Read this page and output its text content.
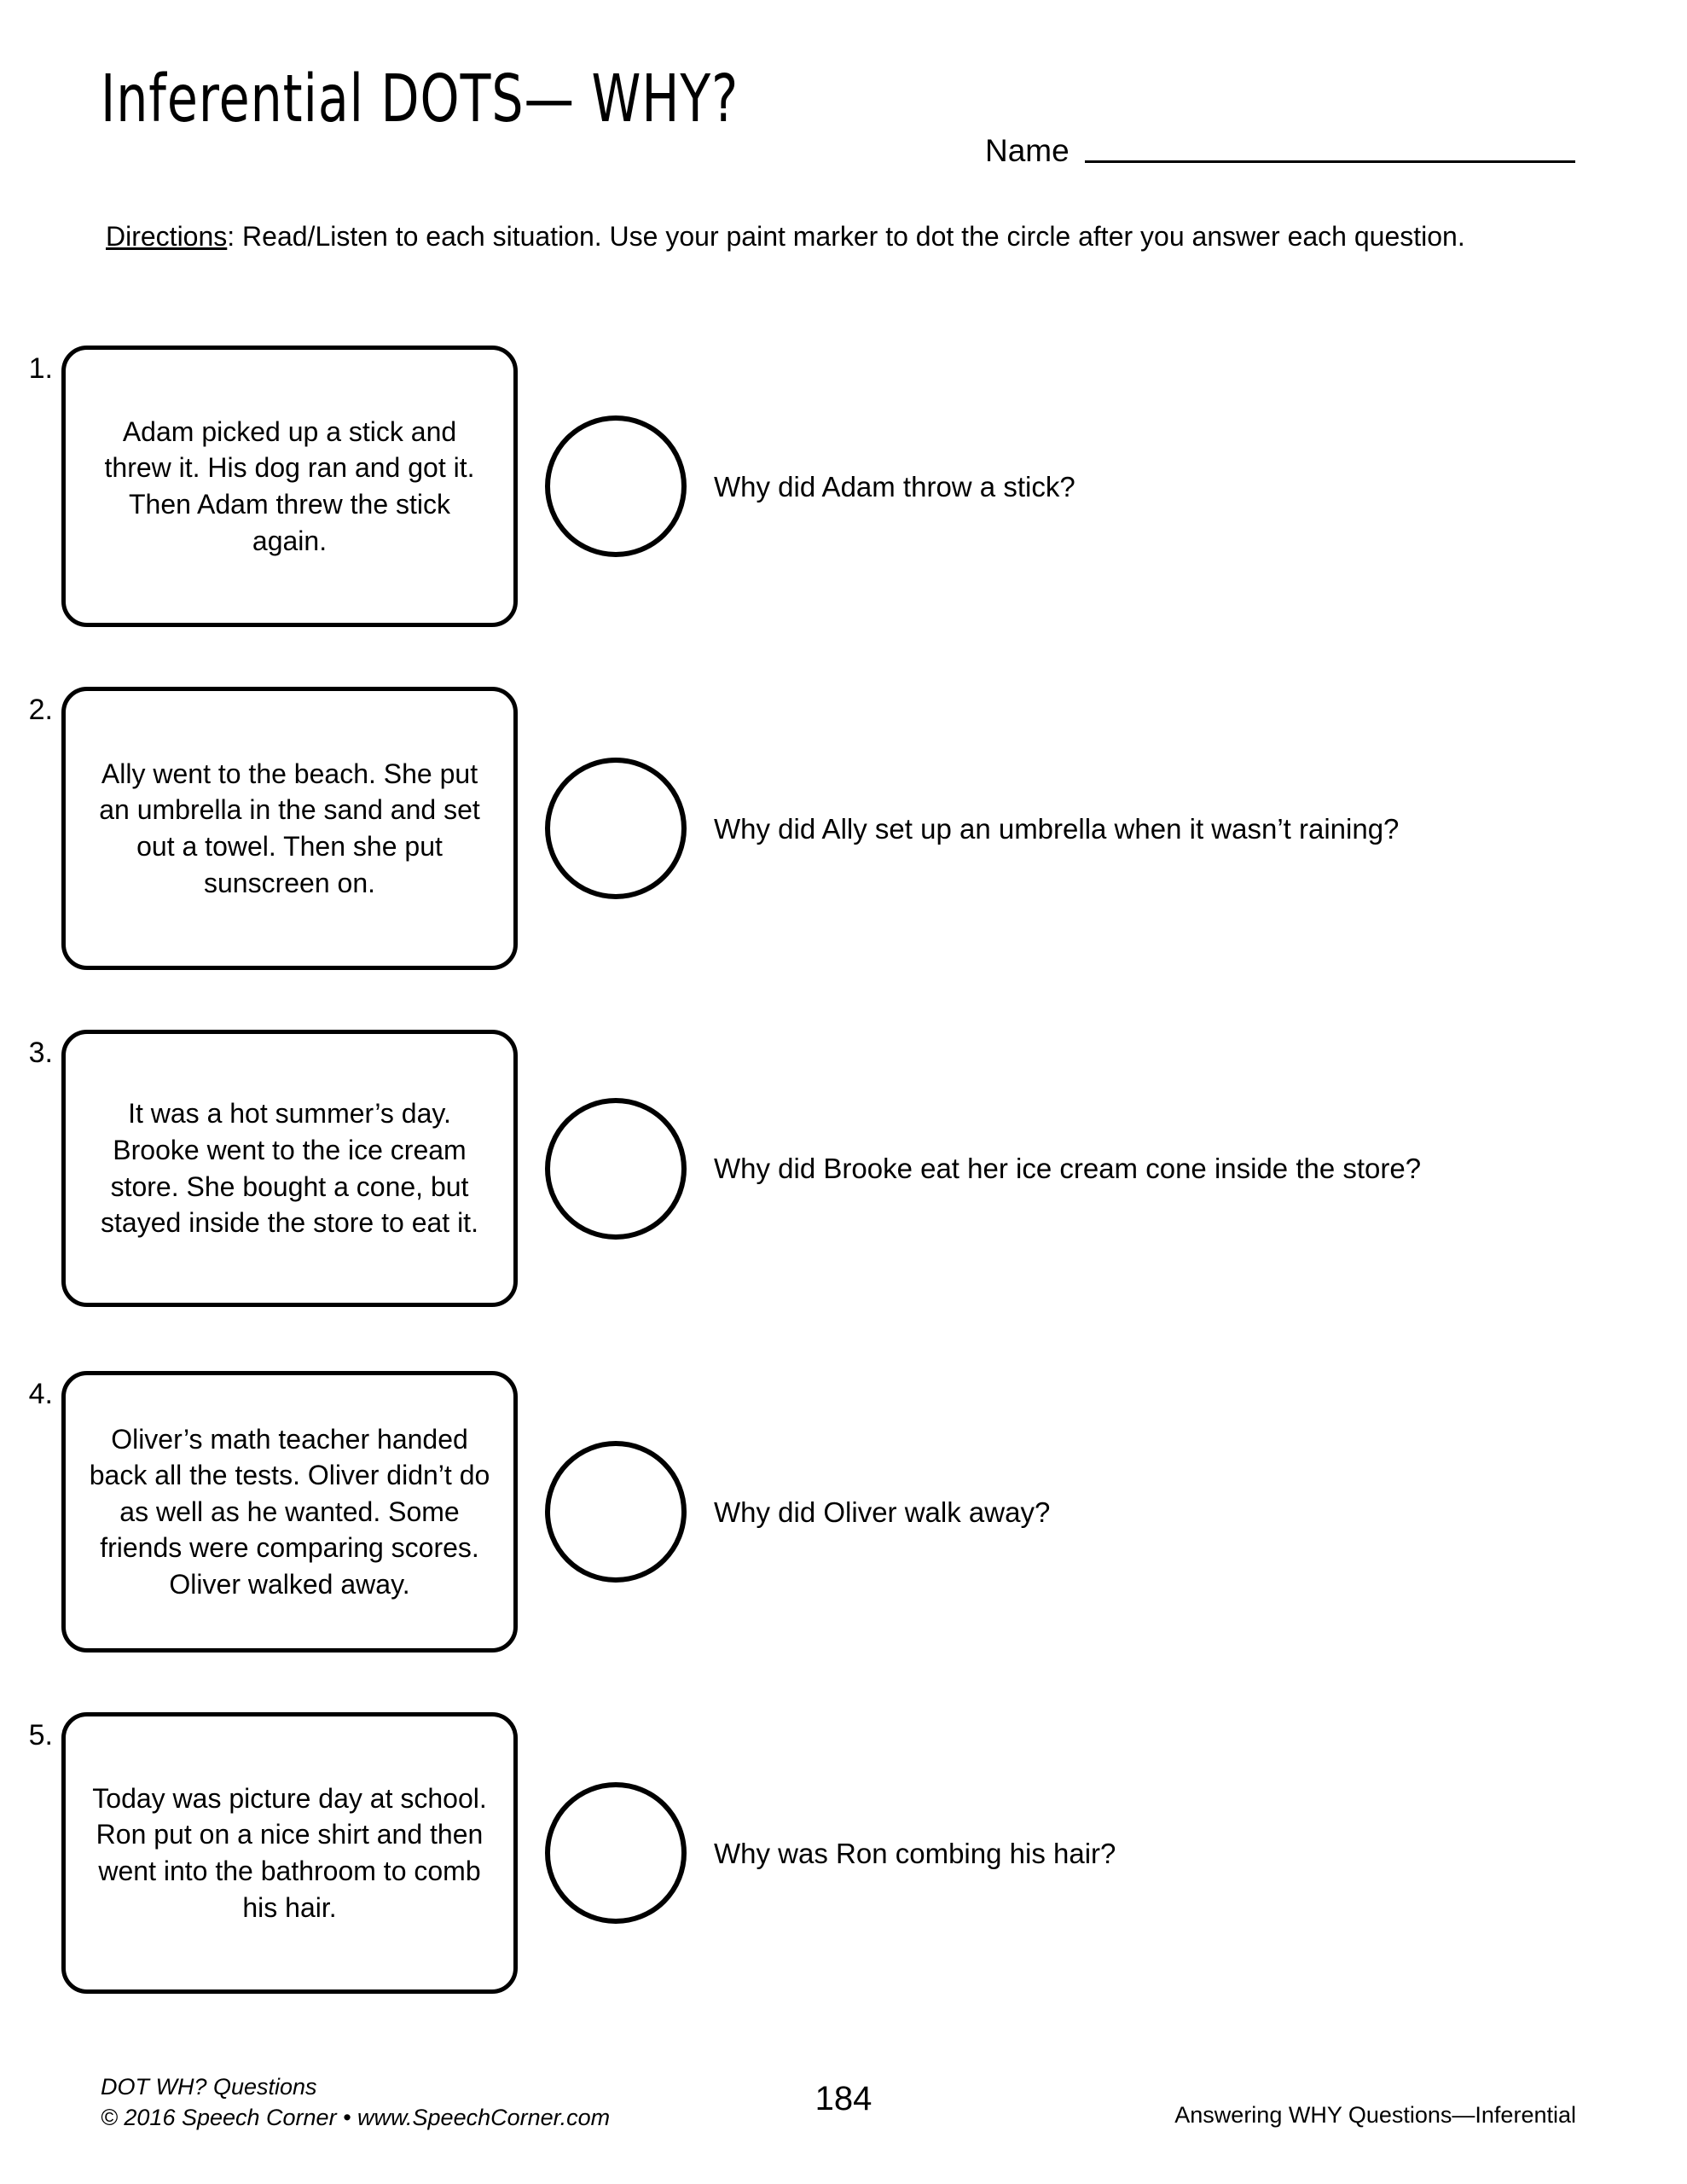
Inferential DOTS— WHY?
Name
Directions: Read/Listen to each situation. Use your paint marker to dot the circle after you answer each question.
1.
Adam picked up a stick and threw it. His dog ran and got it. Then Adam threw the stick again.
Why did Adam throw a stick?
2.
Ally went to the beach. She put an umbrella in the sand and set out a towel. Then she put sunscreen on.
Why did Ally set up an umbrella when it wasn’t raining?
3.
It was a hot summer’s day. Brooke went to the ice cream store. She bought a cone, but stayed inside the store to eat it.
Why did Brooke eat her ice cream cone inside the store?
4.
Oliver’s math teacher handed back all the tests. Oliver didn’t do as well as he wanted. Some friends were comparing scores. Oliver walked away.
Why did Oliver walk away?
5.
Today was picture day at school. Ron put on a nice shirt and then went into the bathroom to comb his hair.
Why was Ron combing his hair?
DOT WH? Questions
© 2016 Speech Corner • www.SpeechCorner.com
184	Answering WHY Questions—Inferential
